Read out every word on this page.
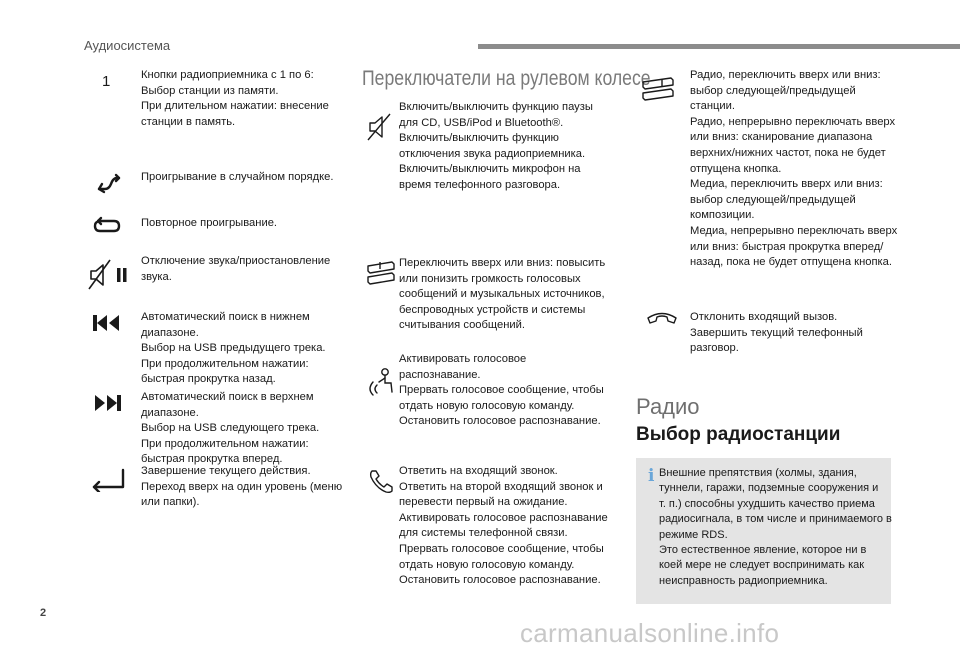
Аудиосистема
1	Кнопки радиоприемника с 1 по 6:
Выбор станции из памяти.
При длительном нажатии: внесение
станции в память.
Проигрывание в случайном порядке.
Повторное проигрывание.
Отключение звука/приостановление
звука.
Автоматический поиск в нижнем
диапазоне.
Выбор на USB предыдущего трека.
При продолжительном нажатии:
быстрая прокрутка назад.
Автоматический поиск в верхнем
диапазоне.
Выбор на USB следующего трека.
При продолжительном нажатии:
быстрая прокрутка вперед.
Завершение текущего действия.
Переход вверх на один уровень (меню
или папки).
Переключатели на рулевом колесе
Включить/выключить функцию паузы
для CD, USB/iPod и Bluetooth®.
Включить/выключить функцию
отключения звука радиоприемника.
Включить/выключить микрофон на
время телефонного разговора.
Переключить вверх или вниз: повысить
или понизить громкость голосовых
сообщений и музыкальных источников,
беспроводных устройств и системы
считывания сообщений.
Активировать голосовое
распознавание.
Прервать голосовое сообщение, чтобы
отдать новую голосовую команду.
Остановить голосовое распознавание.
Ответить на входящий звонок.
Ответить на второй входящий звонок и
перевести первый на ожидание.
Активировать голосовое распознавание
для системы телефонной связи.
Прервать голосовое сообщение, чтобы
отдать новую голосовую команду.
Остановить голосовое распознавание.
Радио, переключить вверх или вниз:
выбор следующей/предыдущей
станции.
Радио, непрерывно переключать вверх
или вниз: сканирование диапазона
верхних/нижних частот, пока не будет
отпущена кнопка.
Медиа, переключить вверх или вниз:
выбор следующей/предыдущей
композиции.
Медиа, непрерывно переключать вверх
или вниз: быстрая прокрутка вперед/
назад, пока не будет отпущена кнопка.
Отклонить входящий вызов.
Завершить текущий телефонный
разговор.
Радио
Выбор радиостанции
i Внешние препятствия (холмы, здания,
туннели, гаражи, подземные сооружения и
т. п.) способны ухудшить качество приема
радиосигнала, в том числе и принимаемого в
режиме RDS.
Это естественное явление, которое ни в
коей мере не следует воспринимать как
неисправность радиоприемника.
2
carmanualsonline.info
